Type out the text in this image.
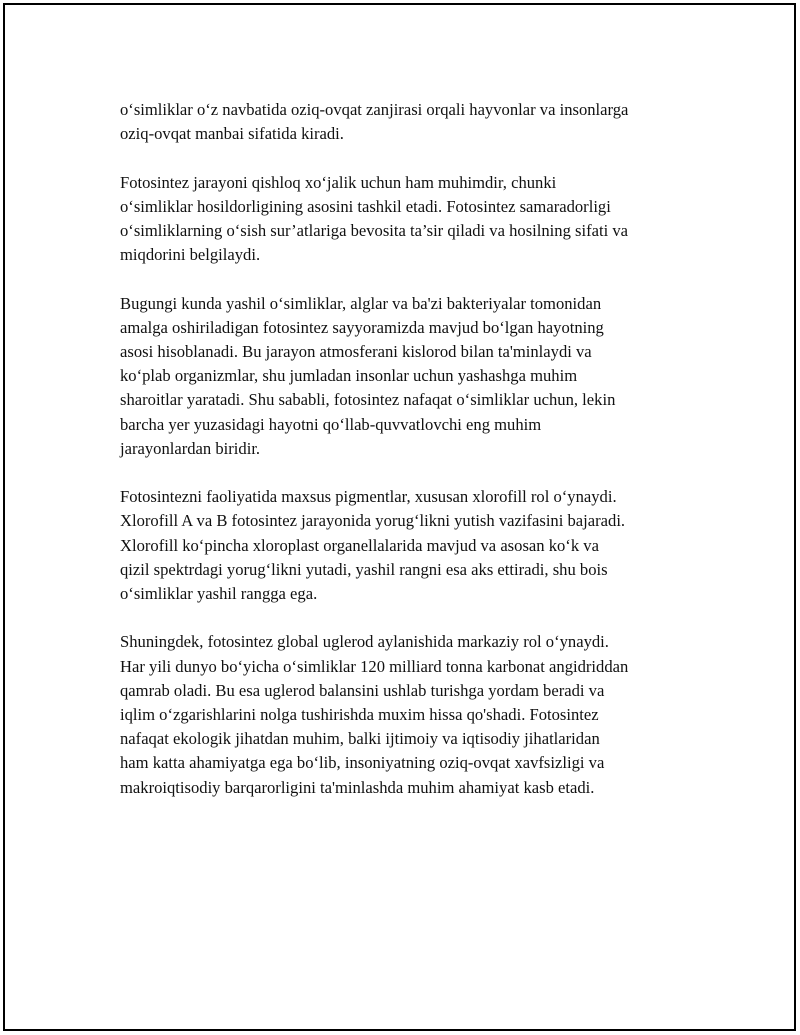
o‘simliklar o‘z navbatida oziq-ovqat zanjirasi orqali hayvonlar va insonlarga
oziq-ovqat manbai sifatida kiradi.

Fotosintez jarayoni qishloq xo‘jalik uchun ham muhimdir, chunki
o‘simliklar hosildorligining asosini tashkil etadi. Fotosintez samaradorligi
o‘simliklarning o‘sish sur’atlariga bevosita ta’sir qiladi va hosilning sifati va
miqdorini belgilaydi.

Bugungi kunda yashil o‘simliklar, alglar va ba'zi bakteriyalar tomonidan
amalga oshiriladigan fotosintez sayyoramizda mavjud bo‘lgan hayotning
asosi hisoblanadi. Bu jarayon atmosferani kislorod bilan ta'minlaydi va
ko‘plab organizmlar, shu jumladan insonlar uchun yashashga muhim
sharoitlar yaratadi. Shu sababli, fotosintez nafaqat o‘simliklar uchun, lekin
barcha yer yuzasidagi hayotni qo‘llab-quvvatlovchi eng muhim
jarayonlardan biridir.

Fotosintezni faoliyatida maxsus pigmentlar, xususan xlorofill rol o‘ynaydi.
Xlorofill A va B fotosintez jarayonida yorug‘likni yutish vazifasini bajaradi.
Xlorofill ko‘pincha xloroplast organellalarida mavjud va asosan ko‘k va
qizil spektrdagi yorug‘likni yutadi, yashil rangni esa aks ettiradi, shu bois
o‘simliklar yashil rangga ega.

Shuningdek, fotosintez global uglerod aylanishida markaziy rol o‘ynaydi.
Har yili dunyo bo‘yicha o‘simliklar 120 milliard tonna karbonat angidriddan
qamrab oladi. Bu esa uglerod balansini ushlab turishga yordam beradi va
iqlim o‘zgarishlarini nolga tushirishda muxim hissa qo'shadi. Fotosintez
nafaqat ekologik jihatdan muhim, balki ijtimoiy va iqtisodiy jihatlaridan
ham katta ahamiyatga ega bo‘lib, insoniyatning oziq-ovqat xavfsizligi va
makroiqtisodiy barqarorligini ta'minlashda muhim ahamiyat kasb etadi.
